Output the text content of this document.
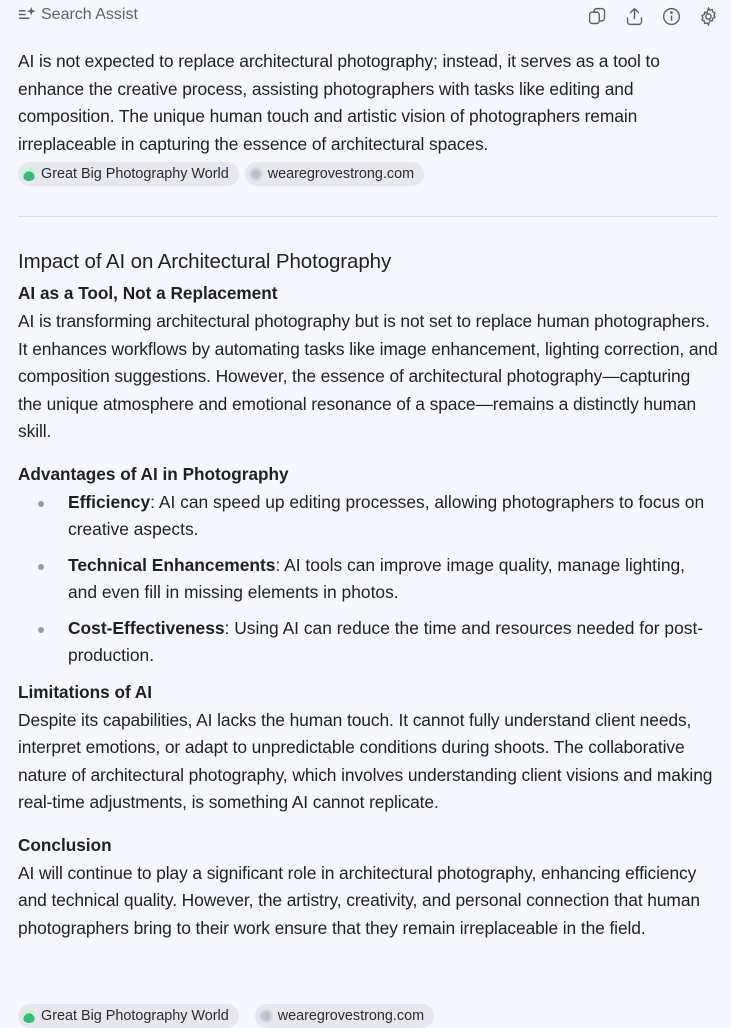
Search Assist

AI is not expected to replace architectural photography; instead, it serves as a tool to enhance the creative process, assisting photographers with tasks like editing and composition. The unique human touch and artistic vision of photographers remain irreplaceable in capturing the essence of architectural spaces.

Great Big Photography World	wearegrovestrong.com
Impact of AI on Architectural Photography
AI as a Tool, Not a Replacement

AI is transforming architectural photography but is not set to replace human photographers. It enhances workflows by automating tasks like image enhancement, lighting correction, and composition suggestions. However, the essence of architectural photography—capturing the unique atmosphere and emotional resonance of a space—remains a distinctly human skill.

Advantages of AI in Photography
Efficiency: AI can speed up editing processes, allowing photographers to focus on creative aspects.
Technical Enhancements: AI tools can improve image quality, manage lighting, and even fill in missing elements in photos.
Cost-Effectiveness: Using AI can reduce the time and resources needed for post-production.
Limitations of AI

Despite its capabilities, AI lacks the human touch. It cannot fully understand client needs, interpret emotions, or adapt to unpredictable conditions during shoots. The collaborative nature of architectural photography, which involves understanding client visions and making real-time adjustments, is something AI cannot replicate.

Conclusion

AI will continue to play a significant role in architectural photography, enhancing efficiency and technical quality. However, the artistry, creativity, and personal connection that human photographers bring to their work ensure that they remain irreplaceable in the field.

Great Big Photography World	wearegrovestrong.com
